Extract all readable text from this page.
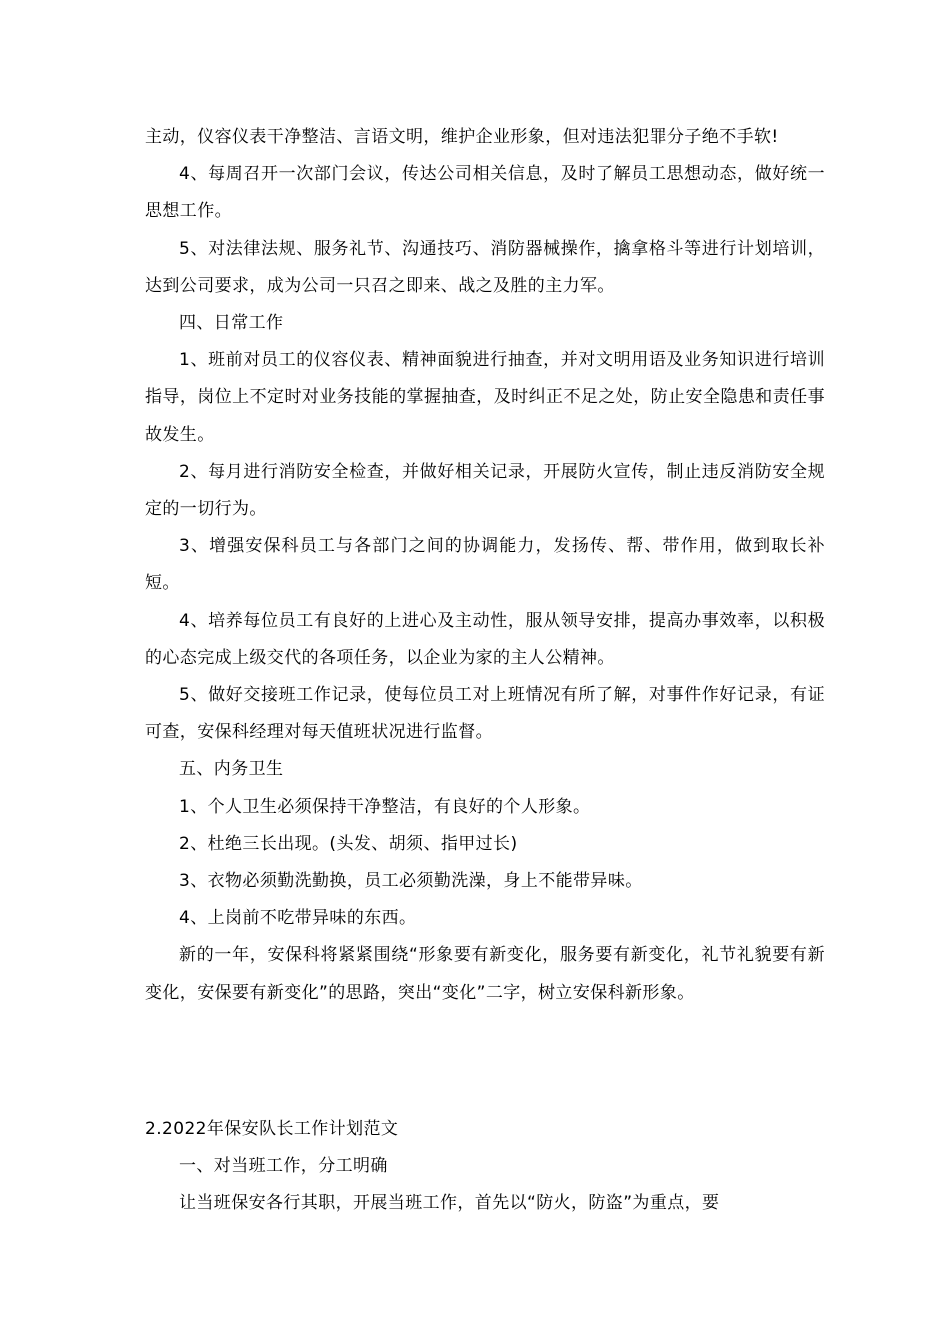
主动，仪容仪表干净整洁、言语文明，维护企业形象，但对违法犯罪分子绝不手软!

4、每周召开一次部门会议，传达公司相关信息，及时了解员工思想动态，做好统一思想工作。

5、对法律法规、服务礼节、沟通技巧、消防器械操作，擒拿格斗等进行计划培训，达到公司要求，成为公司一只召之即来、战之及胜的主力军。

四、日常工作

1、班前对员工的仪容仪表、精神面貌进行抽查，并对文明用语及业务知识进行培训指导，岗位上不定时对业务技能的掌握抽查，及时纠正不足之处，防止安全隐患和责任事故发生。

2、每月进行消防安全检查，并做好相关记录，开展防火宣传，制止违反消防安全规定的一切行为。

3、增强安保科员工与各部门之间的协调能力，发扬传、帮、带作用，做到取长补短。

4、培养每位员工有良好的上进心及主动性，服从领导安排，提高办事效率，以积极的心态完成上级交代的各项任务，以企业为家的主人公精神。

5、做好交接班工作记录，使每位员工对上班情况有所了解，对事件作好记录，有证可查，安保科经理对每天值班状况进行监督。

五、内务卫生

1、个人卫生必须保持干净整洁，有良好的个人形象。

2、杜绝三长出现。(头发、胡须、指甲过长)

3、衣物必须勤洗勤换，员工必须勤洗澡，身上不能带异味。

4、上岗前不吃带异味的东西。

新的一年，安保科将紧紧围绕“形象要有新变化，服务要有新变化，礼节礼貌要有新变化，安保要有新变化”的思路，突出“变化”二字，树立安保科新形象。

2.2022年保安队长工作计划范文

一、对当班工作，分工明确

让当班保安各行其职，开展当班工作，首先以“防火，防盗”为重点，要
